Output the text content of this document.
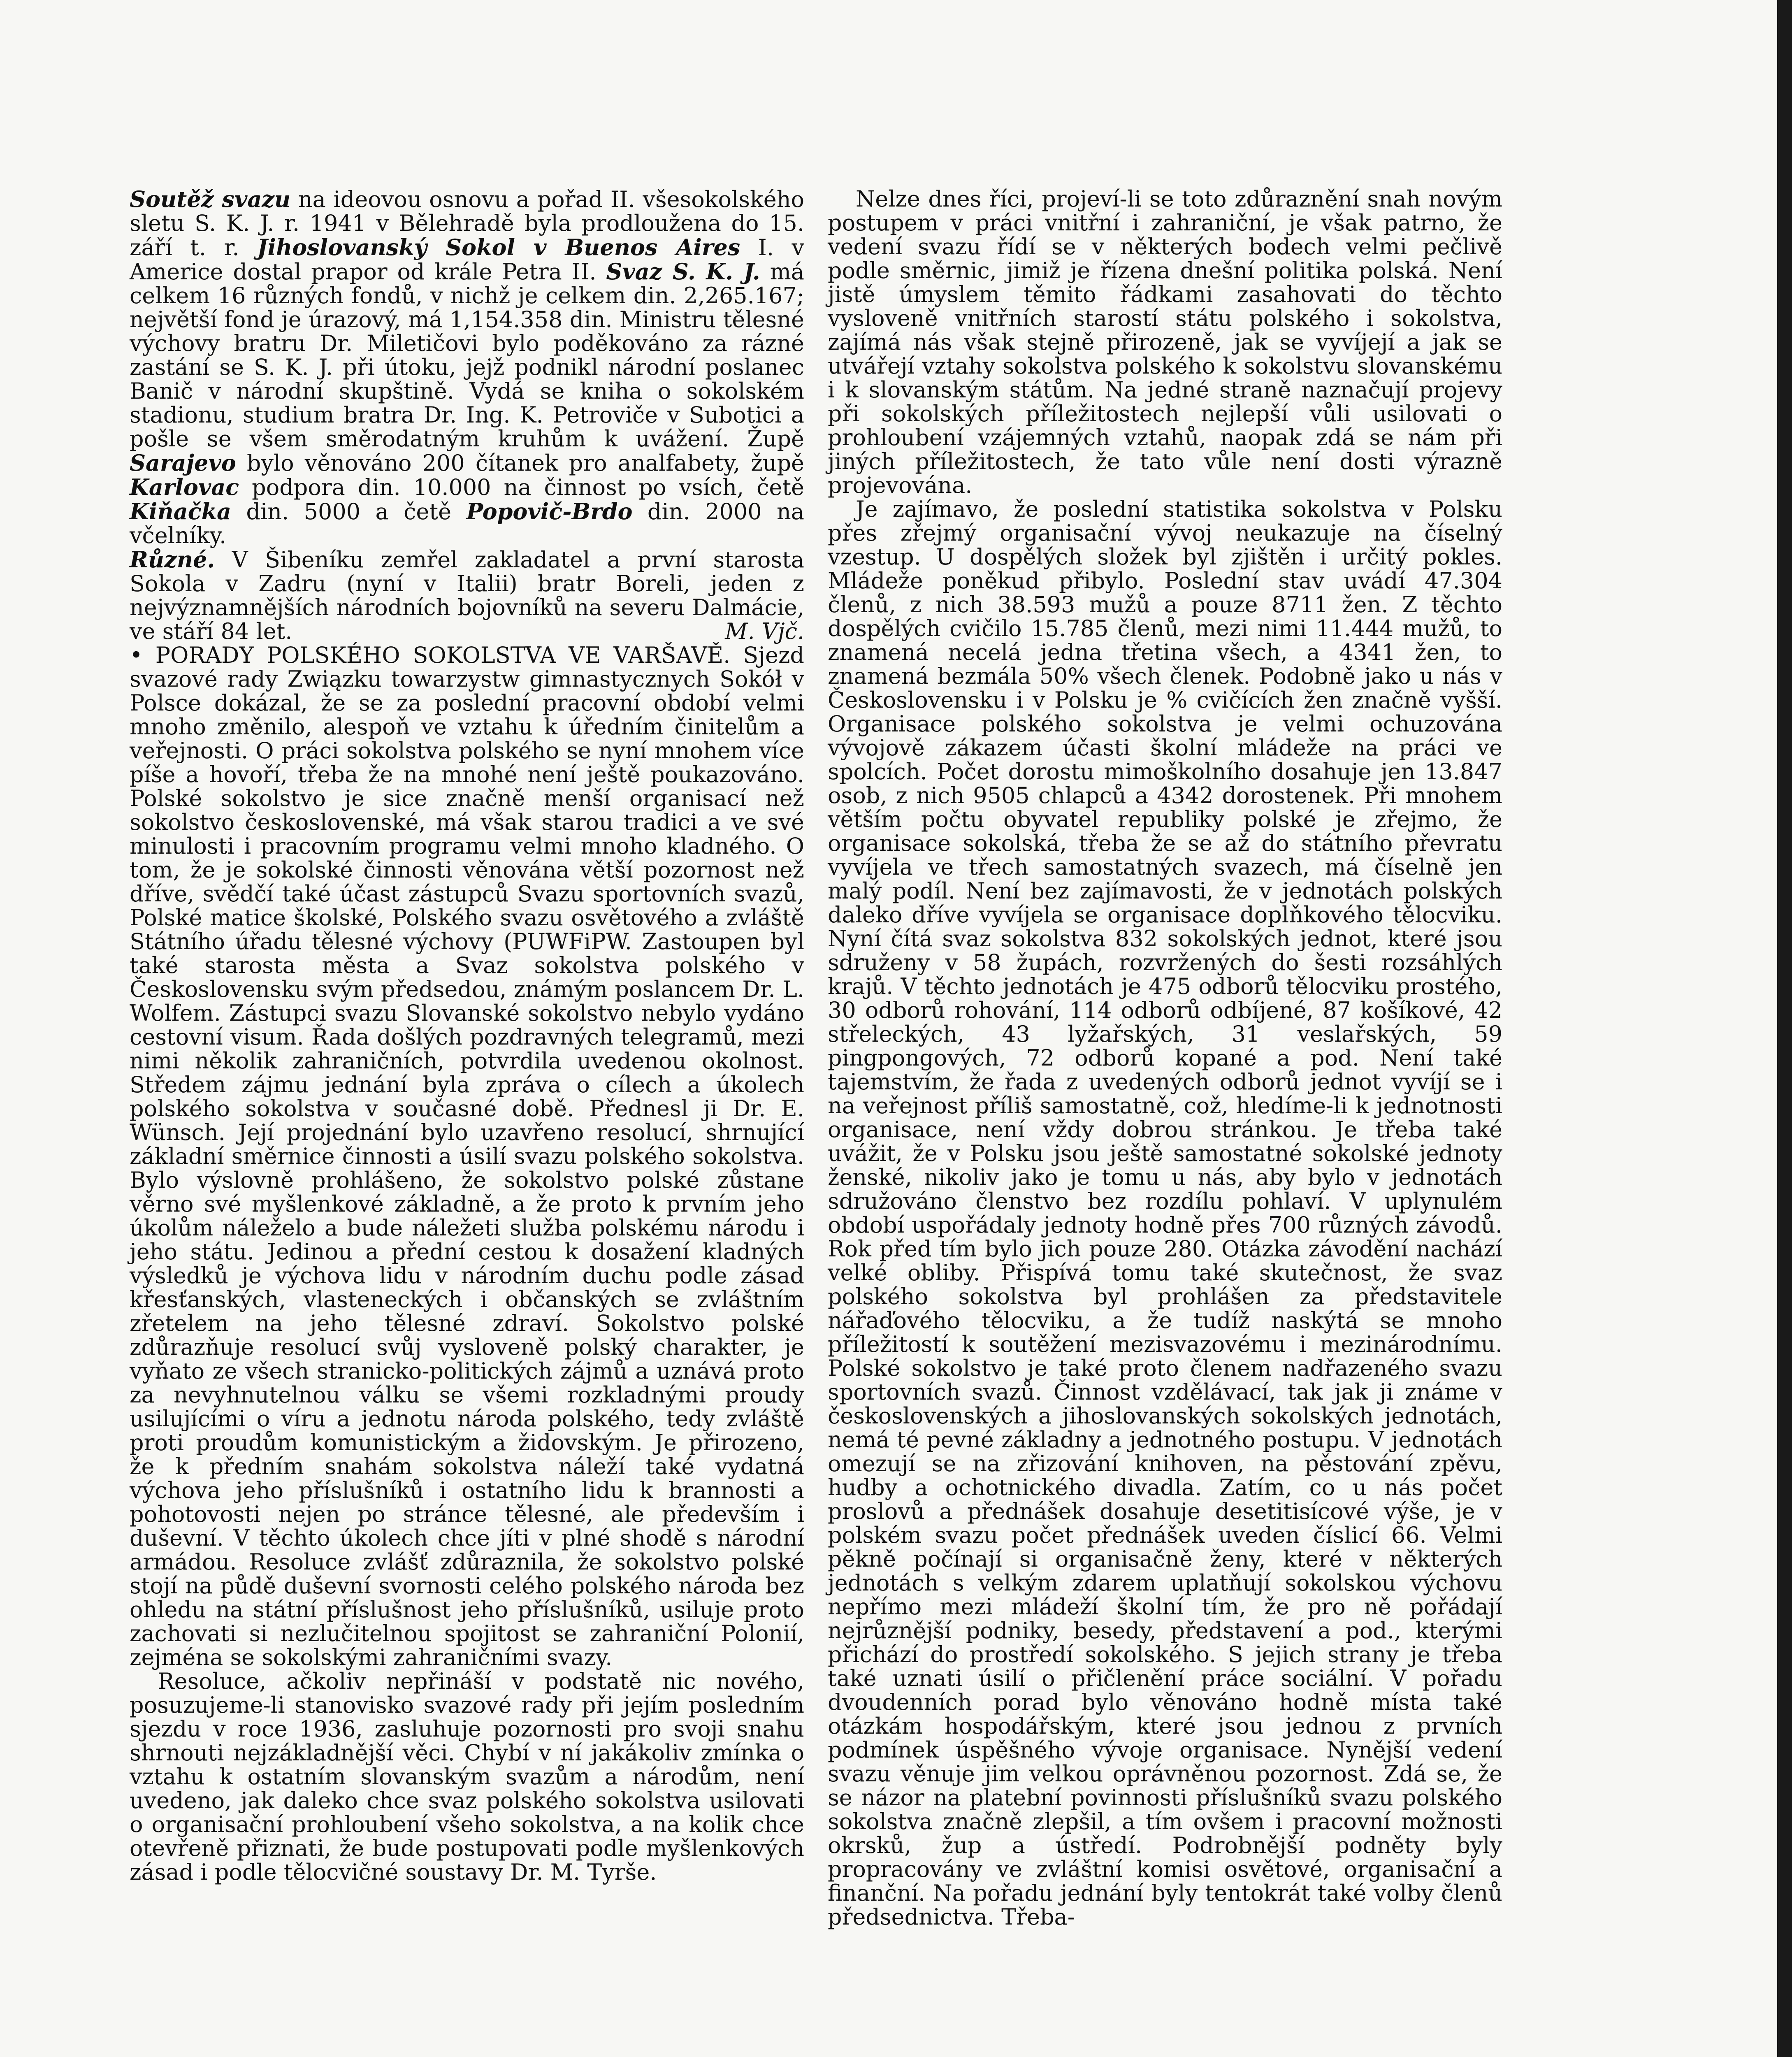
Soutěž svazu na ideovou osnovu a pořad II. všesokolského sletu S. K. J. r. 1941 v Bělehradě byla prodloužena do 15. září t. r. Jihoslovanský Sokol v Buenos Aires I. v Americe dostal prapor od krále Petra II. Svaz S. K. J. má celkem 16 různých fondů, v nichž je celkem din. 2,265.167; největší fond je úrazový, má 1,154.358 din. Ministru tělesné výchovy bratru Dr. Miletičovi bylo poděkováno za rázné zastání se S. K. J. při útoku, jejž podnikl národní poslanec Banič v národní skupštině. Vydá se kniha o sokolském stadionu, studium bratra Dr. Ing. K. Petroviče v Subotici a pošle se všem směrodatným kruhům k uvážení. Župě Sarajevo bylo věnováno 200 čítanek pro analfabety, župě Karlovac podpora din. 10.000 na činnost po vsích, četě Kiňačka din. 5000 a četě Popovič-Brdo din. 2000 na včelníky.

Různé. V Šibeníku zemřel zakladatel a první starosta Sokola v Zadru (nyní v Italii) bratr Boreli, jeden z nejvýznamnějších národních bojovníků na severu Dalmácie, ve stáří 84 let.	M. Vjč.

• PORADY POLSKÉHO SOKOLSTVA VE VARŠAVĚ. Sjezd svazové rady Związku towarzystw gimnastycznych Sokół v Polsce dokázal, že se za poslední pracovní období velmi mnoho změnilo, alespoň ve vztahu k úředním činitelům a veřejnosti. O práci sokolstva polského se nyní mnohem více píše a hovoří, třeba že na mnohé není ještě poukazováno. Polské sokolstvo je sice značně menší organisací než sokolstvo československé, má však starou tradici a ve své minulosti i pracovním programu velmi mnoho kladného. O tom, že je sokolské činnosti věnována větší pozornost než dříve, svědčí také účast zástupců Svazu sportovních svazů, Polské matice školské, Polského svazu osvětového a zvláště Státního úřadu tělesné výchovy (PUWFiPW. Zastoupen byl také starosta města a Svaz sokolstva polského v Československu svým předsedou, známým poslancem Dr. L. Wolfem. Zástupci svazu Slovanské sokolstvo nebylo vydáno cestovní visum. Řada došlých pozdravných telegramů, mezi nimi několik zahraničních, potvrdila uvedenou okolnost. Středem zájmu jednání byla zpráva o cílech a úkolech polského sokolstva v současné době. Přednesl ji Dr. E. Wünsch. Její projednání bylo uzavřeno resolucí, shrnující základní směrnice činnosti a úsilí svazu polského sokolstva. Bylo výslovně prohlášeno, že sokolstvo polské zůstane věrno své myšlenkové základně, a že proto k prvním jeho úkolům náleželo a bude náležeti služba polskému národu i jeho státu. Jedinou a přední cestou k dosažení kladných výsledků je výchova lidu v národním duchu podle zásad křesťanských, vlasteneckých i občanských se zvláštním zřetelem na jeho tělesné zdraví. Sokolstvo polské zdůrazňuje resolucí svůj vysloveně polský charakter, je vyňato ze všech stranicko-politických zájmů a uznává proto za nevyhnutelnou válku se všemi rozkladnými proudy usilujícími o víru a jednotu národa polského, tedy zvláště proti proudům komunistickým a židovským. Je přirozeno, že k předním snahám sokolstva náleží také vydatná výchova jeho příslušníků i ostatního lidu k brannosti a pohotovosti nejen po stránce tělesné, ale především i duševní. V těchto úkolech chce jíti v plné shodě s národní armádou. Resoluce zvlášť zdůraznila, že sokolstvo polské stojí na půdě duševní svornosti celého polského národa bez ohledu na státní příslušnost jeho příslušníků, usiluje proto zachovati si nezlučitelnou spojitost se zahraniční Polonií, zejména se sokolskými zahraničními svazy.

Resoluce, ačkoliv nepřináší v podstatě nic nového, posuzujeme-li stanovisko svazové rady při jejím posledním sjezdu v roce 1936, zasluhuje pozornosti pro svoji snahu shrnouti nejzákladnější věci. Chybí v ní jakákoliv zmínka o vztahu k ostatním slovanským svazům a národům, není uvedeno, jak daleko chce svaz polského sokolstva usilovati o organisační prohloubení všeho sokolstva, a na kolik chce otevřeně přiznati, že bude postupovati podle myšlenkových zásad i podle tělocvičné soustavy Dr. M. Tyrše.

Nelze dnes říci, projeví-li se toto zdůraznění snah novým postupem v práci vnitřní i zahraniční, je však patrno, že vedení svazu řídí se v některých bodech velmi pečlivě podle směrnic, jimiž je řízena dnešní politika polská. Není jistě úmyslem těmito řádkami zasahovati do těchto vysloveně vnitřních starostí státu polského i sokolstva, zajímá nás však stejně přirozeně, jak se vyvíjejí a jak se utvářejí vztahy sokolstva polského k sokolstvu slovanskému i k slovanským státům. Na jedné straně naznačují projevy při sokolských příležitostech nejlepší vůli usilovati o prohloubení vzájemných vztahů, naopak zdá se nám při jiných příležitostech, že tato vůle není dosti výrazně projevována.

Je zajímavo, že poslední statistika sokolstva v Polsku přes zřejmý organisační vývoj neukazuje na číselný vzestup. U dospělých složek byl zjištěn i určitý pokles. Mládeže poněkud přibylo. Poslední stav uvádí 47.304 členů, z nich 38.593 mužů a pouze 8711 žen. Z těchto dospělých cvičilo 15.785 členů, mezi nimi 11.444 mužů, to znamená necelá jedna třetina všech, a 4341 žen, to znamená bezmála 50% všech členek. Podobně jako u nás v Československu i v Polsku je % cvičících žen značně vyšší. Organisace polského sokolstva je velmi ochuzována vývojově zákazem účasti školní mládeže na práci ve spolcích. Počet dorostu mimoškolního dosahuje jen 13.847 osob, z nich 9505 chlapců a 4342 dorostenek. Při mnohem větším počtu obyvatel republiky polské je zřejmo, že organisace sokolská, třeba že se až do státního převratu vyvíjela ve třech samostatných svazech, má číselně jen malý podíl. Není bez zajímavosti, že v jednotách polských daleko dříve vyvíjela se organisace doplňkového tělocviku. Nyní čítá svaz sokolstva 832 sokolských jednot, které jsou sdruženy v 58 župách, rozvržených do šesti rozsáhlých krajů. V těchto jednotách je 475 odborů tělocviku prostého, 30 odborů rohování, 114 odborů odbíjené, 87 košíkové, 42 střeleckých, 43 lyžařských, 31 veslařských, 59 pingpongových, 72 odborů kopané a pod. Není také tajemstvím, že řada z uvedených odborů jednot vyvíjí se i na veřejnost příliš samostatně, což, hledíme-li k jednotnosti organisace, není vždy dobrou stránkou. Je třeba také uvážit, že v Polsku jsou ještě samostatné sokolské jednoty ženské, nikoliv jako je tomu u nás, aby bylo v jednotách sdružováno členstvo bez rozdílu pohlaví. V uplynulém období uspořádaly jednoty hodně přes 700 různých závodů. Rok před tím bylo jich pouze 280. Otázka závodění nachází velké obliby. Přispívá tomu také skutečnost, že svaz polského sokolstva byl prohlášen za představitele nářaďového tělocviku, a že tudíž naskýtá se mnoho příležitostí k soutěžení mezisvazovému i mezinárodnímu. Polské sokolstvo je také proto členem nadřazeného svazu sportovních svazů. Činnost vzdělávací, tak jak ji známe v československých a jihoslovanských sokolských jednotách, nemá té pevné základny a jednotného postupu. V jednotách omezují se na zřizování knihoven, na pěstování zpěvu, hudby a ochotnického divadla. Zatím, co u nás počet proslovů a přednášek dosahuje desetitisícové výše, je v polském svazu počet přednášek uveden číslicí 66. Velmi pěkně počínají si organisačně ženy, které v některých jednotách s velkým zdarem uplatňují sokolskou výchovu nepřímo mezi mládeží školní tím, že pro ně pořádají nejrůznější podniky, besedy, představení a pod., kterými přichází do prostředí sokolského. S jejich strany je třeba také uznati úsilí o přičlenění práce sociální. V pořadu dvoudenních porad bylo věnováno hodně místa také otázkám hospodářským, které jsou jednou z prvních podmínek úspěšného vývoje organisace. Nynější vedení svazu věnuje jim velkou oprávněnou pozornost. Zdá se, že se názor na platební povinnosti příslušníků svazu polského sokolstva značně zlepšil, a tím ovšem i pracovní možnosti okrsků, žup a ústředí. Podrobnější podněty byly propracovány ve zvláštní komisi osvětové, organisační a finanční. Na pořadu jednání byly tentokrát také volby členů předsednictva. Třeba-
